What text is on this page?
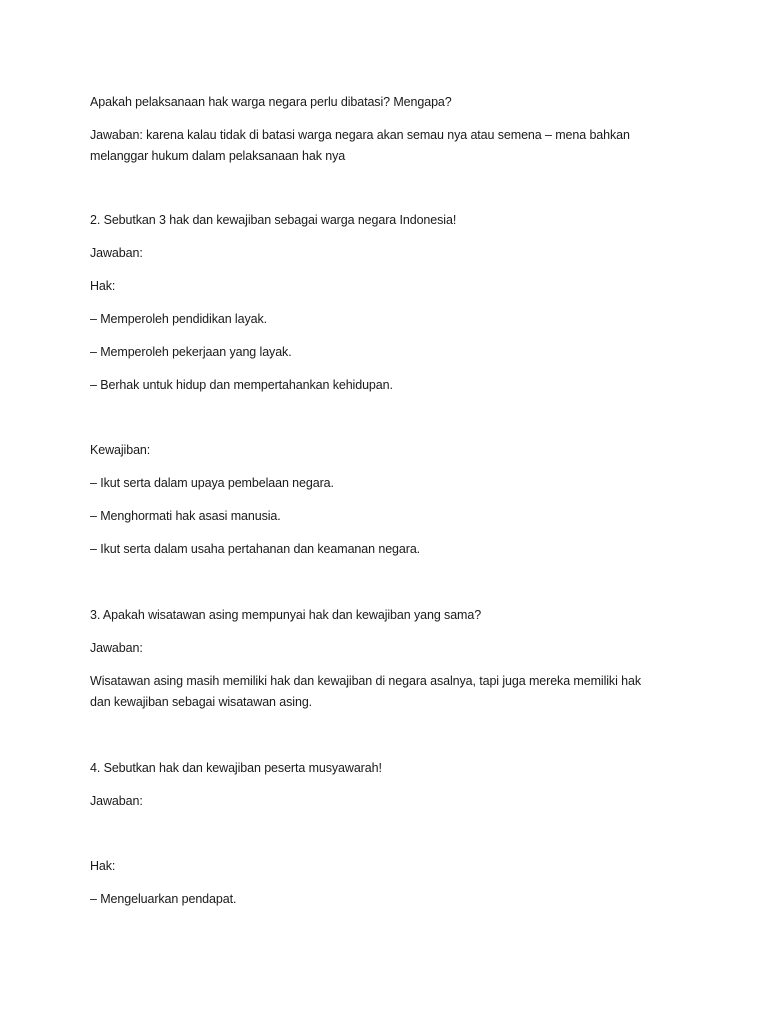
Apakah pelaksanaan hak warga negara perlu dibatasi? Mengapa?
Jawaban: karena kalau tidak di batasi warga negara akan semau nya atau semena – mena bahkan
melanggar hukum dalam pelaksanaan hak nya
2. Sebutkan 3 hak dan kewajiban sebagai warga negara Indonesia!
Jawaban:
Hak:
– Memperoleh pendidikan layak.
– Memperoleh pekerjaan yang layak.
– Berhak untuk hidup dan mempertahankan kehidupan.
Kewajiban:
– Ikut serta dalam upaya pembelaan negara.
– Menghormati hak asasi manusia.
– Ikut serta dalam usaha pertahanan dan keamanan negara.
3. Apakah wisatawan asing mempunyai hak dan kewajiban yang sama?
Jawaban:
Wisatawan asing masih memiliki hak dan kewajiban di negara asalnya, tapi juga mereka memiliki hak
dan kewajiban sebagai wisatawan asing.
4. Sebutkan hak dan kewajiban peserta musyawarah!
Jawaban:
Hak:
– Mengeluarkan pendapat.
